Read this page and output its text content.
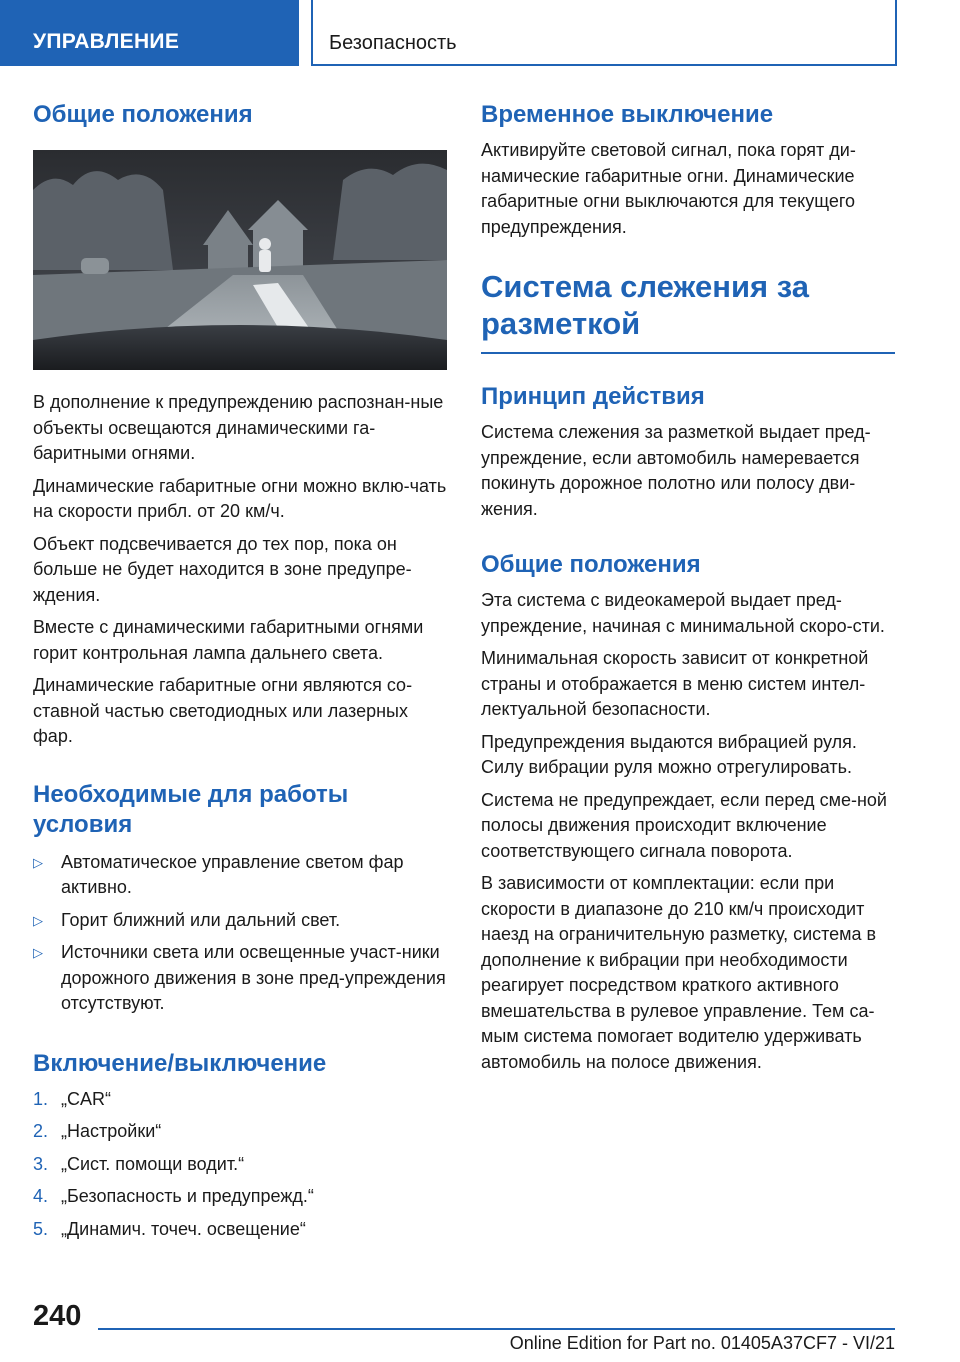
УПРАВЛЕНИЕ	Безопасность
Общие положения

В дополнение к предупреждению распознан-ные объекты освещаются динамическими га-баритными огнями.

Динамические габаритные огни можно вклю-чать на скорости прибл. от 20 км/ч.

Объект подсвечивается до тех пор, пока он больше не будет находится в зоне предупре-ждения.

Вместе с динамическими габаритными огнями горит контрольная лампа дальнего света.

Динамические габаритные огни являются со-ставной частью светодиодных или лазерных фар.

Необходимые для работы условия
▷ Автоматическое управление светом фар активно.
▷ Горит ближний или дальний свет.
▷ Источники света или освещенные участ-ники дорожного движения в зоне пред-упреждения отсутствуют.
Включение/выключение
1. „CAR“
2. „Настройки“
3. „Сист. помощи водит.“
4. „Безопасность и предупрежд.“
5. „Динамич. точеч. освещение“
Временное выключение

Активируйте световой сигнал, пока горят ди-намические габаритные огни. Динамические габаритные огни выключаются для текущего предупреждения.

Система слежения за
разметкой
Принцип действия

Система слежения за разметкой выдает пред-упреждение, если автомобиль намеревается покинуть дорожное полотно или полосу дви-жения.

Общие положения

Эта система с видеокамерой выдает пред-упреждение, начиная с минимальной скоро-сти.

Минимальная скорость зависит от конкретной страны и отображается в меню систем интел-лектуальной безопасности.

Предупреждения выдаются вибрацией руля. Силу вибрации руля можно отрегулировать.

Система не предупреждает, если перед сме-ной полосы движения происходит включение соответствующего сигнала поворота.

В зависимости от комплектации: если при скорости в диапазоне до 210 км/ч происходит наезд на ограничительную разметку, система в дополнение к вибрации при необходимости реагирует посредством краткого активного вмешательства в рулевое управление. Тем са-мым система помогает водителю удерживать автомобиль на полосе движения.

240
Online Edition for Part no. 01405A37CF7 - VI/21
